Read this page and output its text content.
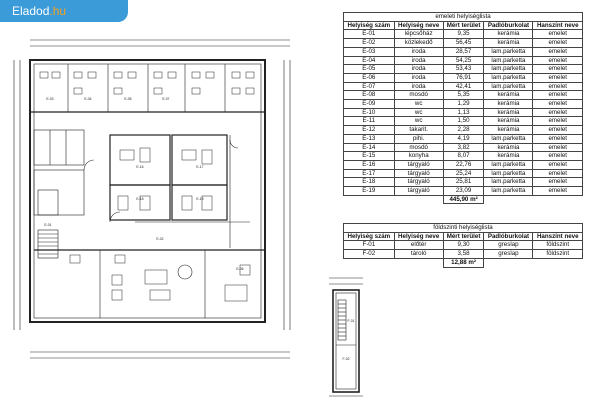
Eladod.hu
E-03	E-04	E-05	E-07
E-16	E-17
E-18	E-19
E-02
E-01
E-06
F-01
F-02
emeleti helyiséglista				
Helyiség szám	Helyiség neve	Mért terület	Padlóburkolat	Hanszínt neve
E-01	lépcsőház	9,35	kerámia	emelet
E-02	közlekedő	56,45	kerámia	emelet
E-03	iroda	28,57	lam.parketta	emelet
E-04	iroda	54,25	lam.parketta	emelet
E-05	iroda	53,43	lam.parketta	emelet
E-06	iroda	76,91	lam.parketta	emelet
E-07	iroda	42,41	lam.parketta	emelet
E-08	mosdó	5,35	kerámia	emelet
E-09	wc	1,29	kerámia	emelet
E-10	wc	1,13	kerámia	emelet
E-11	wc	1,50	kerámia	emelet
E-12	takarit.	2,28	kerámia	emelet
E-13	pihi.	4,19	lam.parketta	emelet
E-14	mosdó	3,82	kerámia	emelet
E-15	konyha	8,07	kerámia	emelet
E-16	tárgyaló	22,76	lam.parketta	emelet
E-17	tárgyaló	25,24	lam.parketta	emelet
E-18	tárgyaló	25,81	lam.parketta	emelet
E-19	tárgyaló	23,09	lam.parketta	emelet
		445,90 m²		
földszinti helyiséglista				
Helyiség szám	Helyiség neve	Mért terület	Padlóburkolat	Hanszínt neve
F-01	előtér	9,30	greslap	földszint
F-02	tároló	3,58	greslap	földszint
		12,88 m²		
